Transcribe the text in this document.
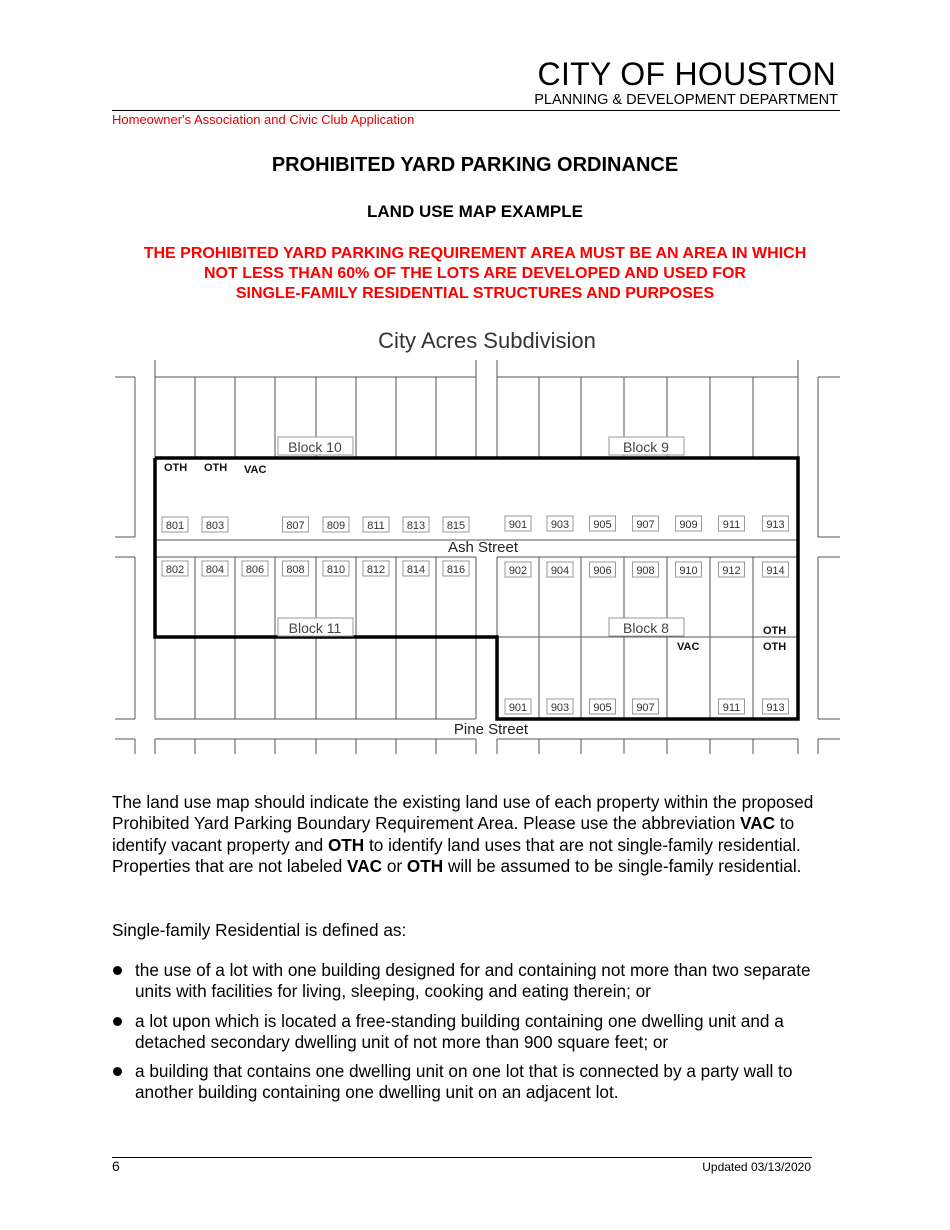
CITY OF HOUSTON
PLANNING & DEVELOPMENT DEPARTMENT
Homeowner's Association and Civic Club Application
PROHIBITED YARD PARKING ORDINANCE
LAND USE MAP EXAMPLE
THE PROHIBITED YARD PARKING REQUIREMENT AREA MUST BE AN AREA IN WHICH
NOT LESS THAN 60% OF THE LOTS ARE DEVELOPED AND USED FOR
SINGLE-FAMILY RESIDENTIAL STRUCTURES AND PURPOSES
City Acres Subdivision
Block 10	Block 9
Block 11	Block 8
Ash Street
Pine Street
801 803	807 809 811 813 815	901 903 905 907 909 911 913
802 804 806 808 810 812 814 816	902 904 906 908 910 912 914
901 903 905 907	911 913
OTH OTH VAC
OTH
VAC	OTH
The land use map should indicate the existing land use of each property within the proposed Prohibited Yard Parking Boundary Requirement Area. Please use the abbreviation VAC to identify vacant property and OTH to identify land uses that are not single-family residential. Properties that are not labeled VAC or OTH will be assumed to be single-family residential.
Single-family Residential is defined as:
the use of a lot with one building designed for and containing not more than two separate units with facilities for living, sleeping, cooking and eating therein; or
a lot upon which is located a free-standing building containing one dwelling unit and a detached secondary dwelling unit of not more than 900 square feet; or
a building that contains one dwelling unit on one lot that is connected by a party wall to another building containing one dwelling unit on an adjacent lot.
6	Updated 03/13/2020
